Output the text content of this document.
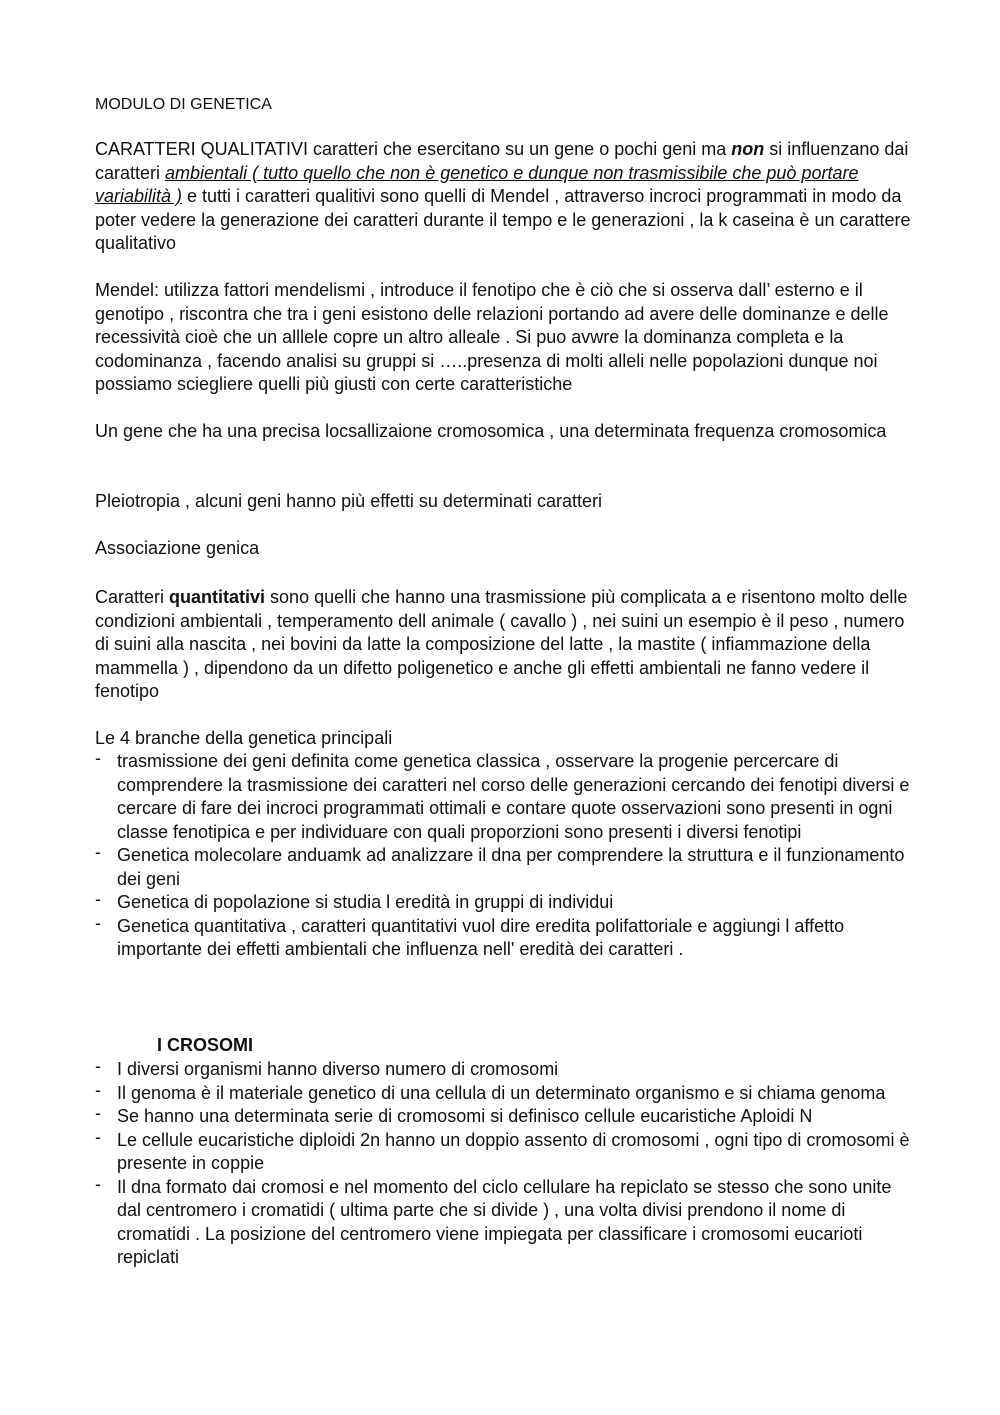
MODULO DI GENETICA
CARATTERI QUALITATIVI caratteri che esercitano su un gene o pochi geni ma non si influenzano dai caratteri ambientali ( tutto quello che non è genetico e dunque non trasmissibile che può portare variabilità ) e tutti i caratteri qualitivi sono quelli di Mendel , attraverso incroci programmati in modo da poter vedere la generazione dei caratteri durante il tempo e le generazioni , la k caseina è un carattere qualitativo
Mendel: utilizza fattori mendelismi , introduce il fenotipo che è ciò che si osserva dall’ esterno e il genotipo , riscontra che tra i geni esistono delle relazioni portando ad avere delle dominanze e delle recessività cioè che un alllele copre un altro alleale . Si puo avwre la dominanza completa e la codominanza , facendo analisi su gruppi si …..presenza di molti alleli nelle popolazioni dunque noi possiamo sciegliere quelli più giusti con certe caratteristiche
Un gene che ha una precisa locsallizaione cromosomica , una determinata frequenza cromosomica
Pleiotropia , alcuni geni hanno più effetti su determinati caratteri
Associazione genica
Caratteri quantitativi sono quelli che hanno una trasmissione più complicata a e risentono molto delle condizioni ambientali , temperamento dell animale ( cavallo ) , nei suini un esempio è il peso , numero di suini alla nascita , nei bovini da latte la composizione del latte , la mastite ( infiammazione della mammella ) , dipendono da un difetto poligenetico e anche gli effetti ambientali ne fanno vedere il fenotipo
Le 4 branche della genetica principali
- trasmissione dei geni definita come genetica classica , osservare la progenie percercare di comprendere la trasmissione dei caratteri nel corso delle generazioni cercando dei fenotipi diversi e cercare di fare dei incroci programmati ottimali e contare quote osservazioni sono presenti in ogni classe fenotipica e per individuare con quali proporzioni sono presenti i diversi fenotipi
- Genetica molecolare anduamk ad analizzare il dna per comprendere la struttura e il funzionamento dei geni
- Genetica di popolazione si studia l eredità in gruppi di individui
- Genetica quantitativa , caratteri quantitativi vuol dire eredita polifattoriale e aggiungi l affetto importante dei effetti ambientali che influenza nell' eredità dei caratteri .
I CROSOMI
- I diversi organismi hanno diverso numero di cromosomi
- Il genoma è il materiale genetico di una cellula di un determinato organismo e si chiama genoma
- Se hanno una determinata serie di cromosomi si definisco cellule eucaristiche Aploidi N
- Le cellule eucaristiche diploidi 2n hanno un doppio assento di cromosomi , ogni tipo di cromosomi è presente in coppie
- Il dna formato dai cromosi e nel momento del ciclo cellulare ha repiclato se stesso che sono unite dal centromero i cromatidi ( ultima parte che si divide ) , una volta divisi prendono il nome di cromatidi . La posizione del centromero viene impiegata per classificare i cromosomi eucarioti repiclati
